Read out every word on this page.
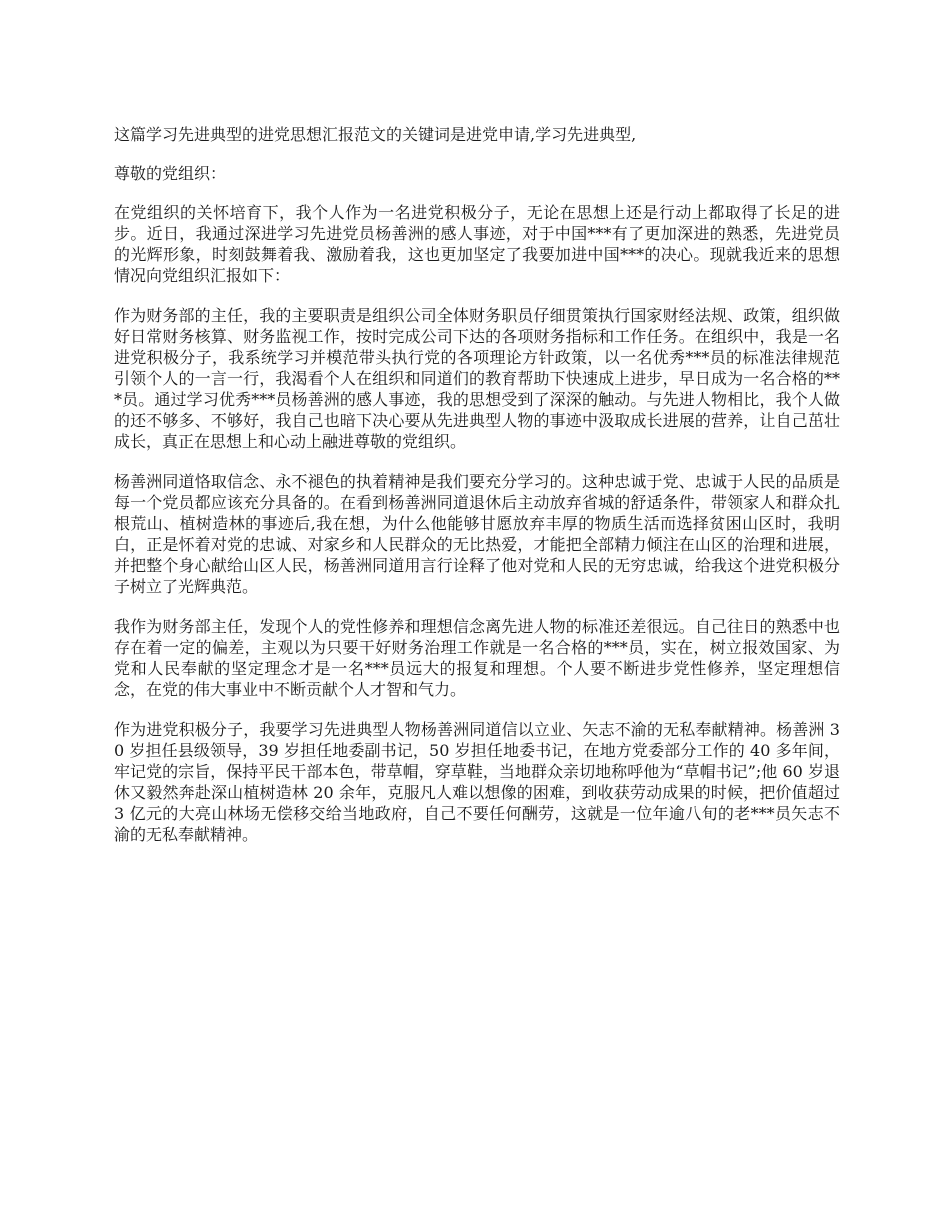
这篇学习先进典型的进党思想汇报范文的关键词是进党申请,学习先进典型,

尊敬的党组织：

在党组织的关怀培育下，我个人作为一名进党积极分子，无论在思想上还是行动上都取得了长足的进步。近日，我通过深进学习先进党员杨善洲的感人事迹，对于中国***有了更加深进的熟悉，先进党员的光辉形象，时刻鼓舞着我、激励着我，这也更加坚定了我要加进中国***的决心。现就我近来的思想情况向党组织汇报如下：

作为财务部的主任，我的主要职责是组织公司全体财务职员仔细贯策执行国家财经法规、政策，组织做好日常财务核算、财务监视工作，按时完成公司下达的各项财务指标和工作任务。在组织中，我是一名进党积极分子，我系统学习并模范带头执行党的各项理论方针政策，以一名优秀***员的标准法律规范引领个人的一言一行，我渴看个人在组织和同道们的教育帮助下快速成上进步，早日成为一名合格的***员。通过学习优秀***员杨善洲的感人事迹，我的思想受到了深深的触动。与先进人物相比，我个人做的还不够多、不够好，我自己也暗下决心要从先进典型人物的事迹中汲取成长进展的营养，让自己茁壮成长，真正在思想上和心动上融进尊敬的党组织。

杨善洲同道恪取信念、永不褪色的执着精神是我们要充分学习的。这种忠诚于党、忠诚于人民的品质是每一个党员都应该充分具备的。在看到杨善洲同道退休后主动放弃省城的舒适条件，带领家人和群众扎根荒山、植树造林的事迹后,我在想，为什么他能够甘愿放弃丰厚的物质生活而选择贫困山区时，我明白，正是怀着对党的忠诚、对家乡和人民群众的无比热爱，才能把全部精力倾注在山区的治理和进展，并把整个身心献给山区人民，杨善洲同道用言行诠释了他对党和人民的无穷忠诚，给我这个进党积极分子树立了光辉典范。

我作为财务部主任，发现个人的党性修养和理想信念离先进人物的标准还差很远。自己往日的熟悉中也存在着一定的偏差，主观以为只要干好财务治理工作就是一名合格的***员，实在，树立报效国家、为党和人民奉献的坚定理念才是一名***员远大的报复和理想。个人要不断进步党性修养，坚定理想信念，在党的伟大事业中不断贡献个人才智和气力。

作为进党积极分子，我要学习先进典型人物杨善洲同道信以立业、矢志不渝的无私奉献精神。杨善洲 30 岁担任县级领导，39 岁担任地委副书记，50 岁担任地委书记，在地方党委部分工作的 40 多年间，牢记党的宗旨，保持平民干部本色，带草帽，穿草鞋，当地群众亲切地称呼他为“草帽书记”;他 60 岁退休又毅然奔赴深山植树造林 20 余年，克服凡人难以想像的困难，到收获劳动成果的时候，把价值超过 3 亿元的大亮山林场无偿移交给当地政府，自己不要任何酬劳，这就是一位年逾八旬的老***员矢志不渝的无私奉献精神。
